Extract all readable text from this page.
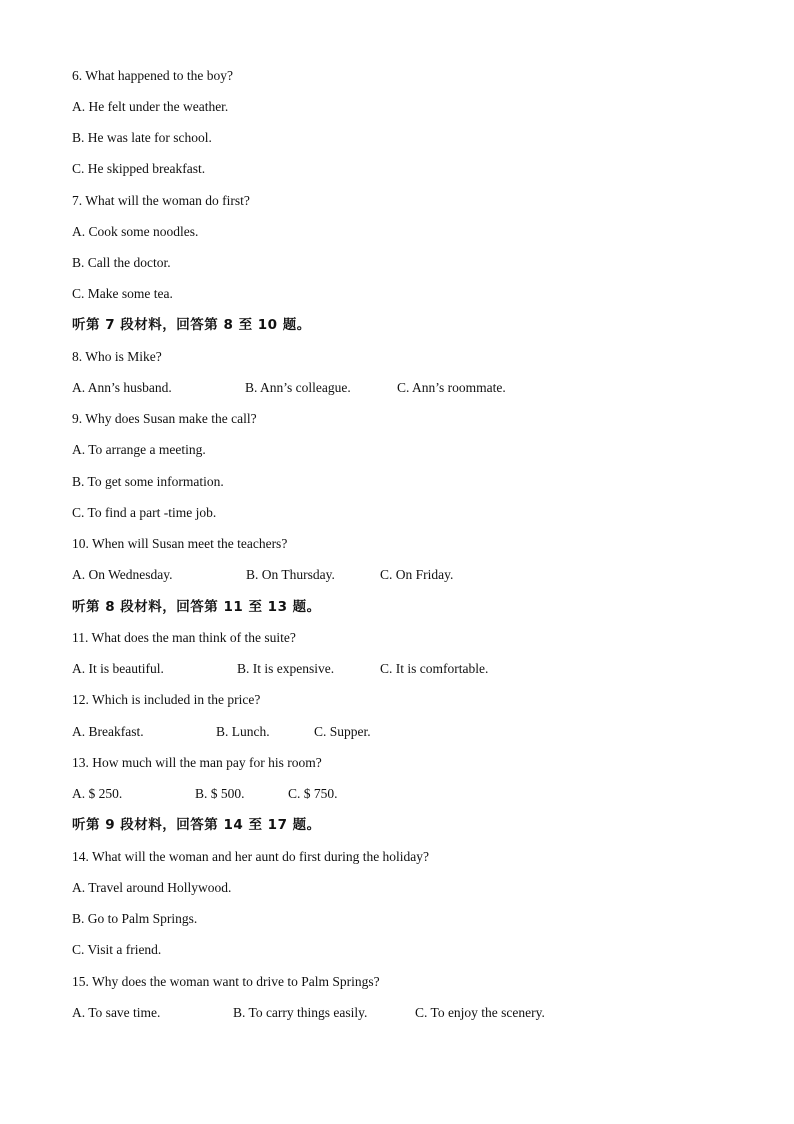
6. What happened to the boy?
A. He felt under the weather.
B. He was late for school.
C. He skipped breakfast.
7. What will the woman do first?
A. Cook some noodles.
B. Call the doctor.
C. Make some tea.
听第 7 段材料，回答第 8 至 10 题。
8. Who is Mike?
A. Ann’s husband.	B. Ann’s colleague.	C. Ann’s roommate.
9. Why does Susan make the call?
A. To arrange a meeting.
B. To get some information.
C. To find a part -time job.
10. When will Susan meet the teachers?
A. On Wednesday.	B. On Thursday.	C. On Friday.
听第 8 段材料，回答第 11 至 13 题。
11. What does the man think of the suite?
A. It is beautiful.	B. It is expensive.	C. It is comfortable.
12. Which is included in the price?
A. Breakfast.	B. Lunch.	C. Supper.
13. How much will the man pay for his room?
A. $ 250.	B. $ 500.	C. $ 750.
听第 9 段材料，回答第 14 至 17 题。
14. What will the woman and her aunt do first during the holiday?
A. Travel around Hollywood.
B. Go to Palm Springs.
C. Visit a friend.
15. Why does the woman want to drive to Palm Springs?
A. To save time.	B. To carry things easily.	C. To enjoy the scenery.
